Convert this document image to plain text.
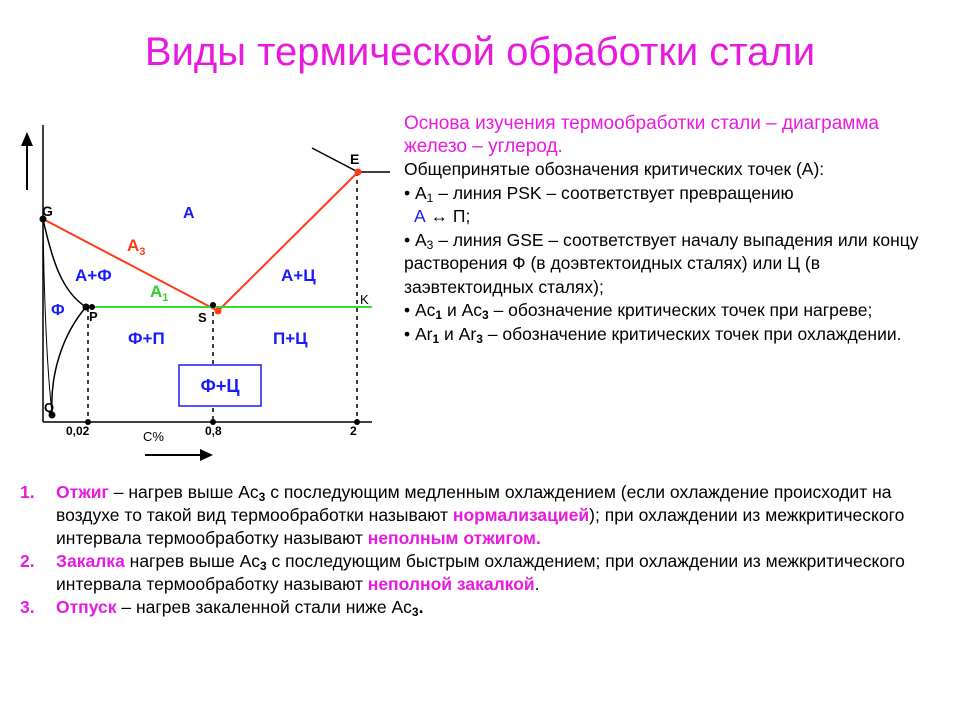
Виды термической обработки стали
G
E
S
P
Q
K
$A_3$
$A_1$
А
А+Ф	А+Ц
Ф
Ф+П	П+Ц
Ф+Ц
0,02	0,8	2
C%

Основа изучения термообработки стали – диаграмма железо – углерод.

Общепринятые обозначения критических точек (А):

• $А_1$ – линия PSK – соответствует превращению

А ↔ П;

• $А_3$ – линия GSE – соответствует началу выпадения или концу растворения Ф (в доэвтектоидных сталях) или Ц (в заэвтектоидных сталях);

• $Ас_1$ и $Ас_3$ – обозначение критических точек при нагреве;

• $Аr_1$ и $Аr_3$ – обозначение критических точек при охлаждении.

1. Отжиг – нагрев выше $Ас_3$ с последующим медленным охлаждением (если охлаждение происходит на воздухе то такой вид термообработки называют нормализацией); при охлаждении из межкритического интервала термообработку называют неполным отжигом.
2. Закалка нагрев выше $Ас_3$ с последующим быстрым охлаждением; при охлаждении из межкритического интервала термообработку называют неполной закалкой.
3. Отпуск – нагрев закаленной стали ниже $Ас_3$.
